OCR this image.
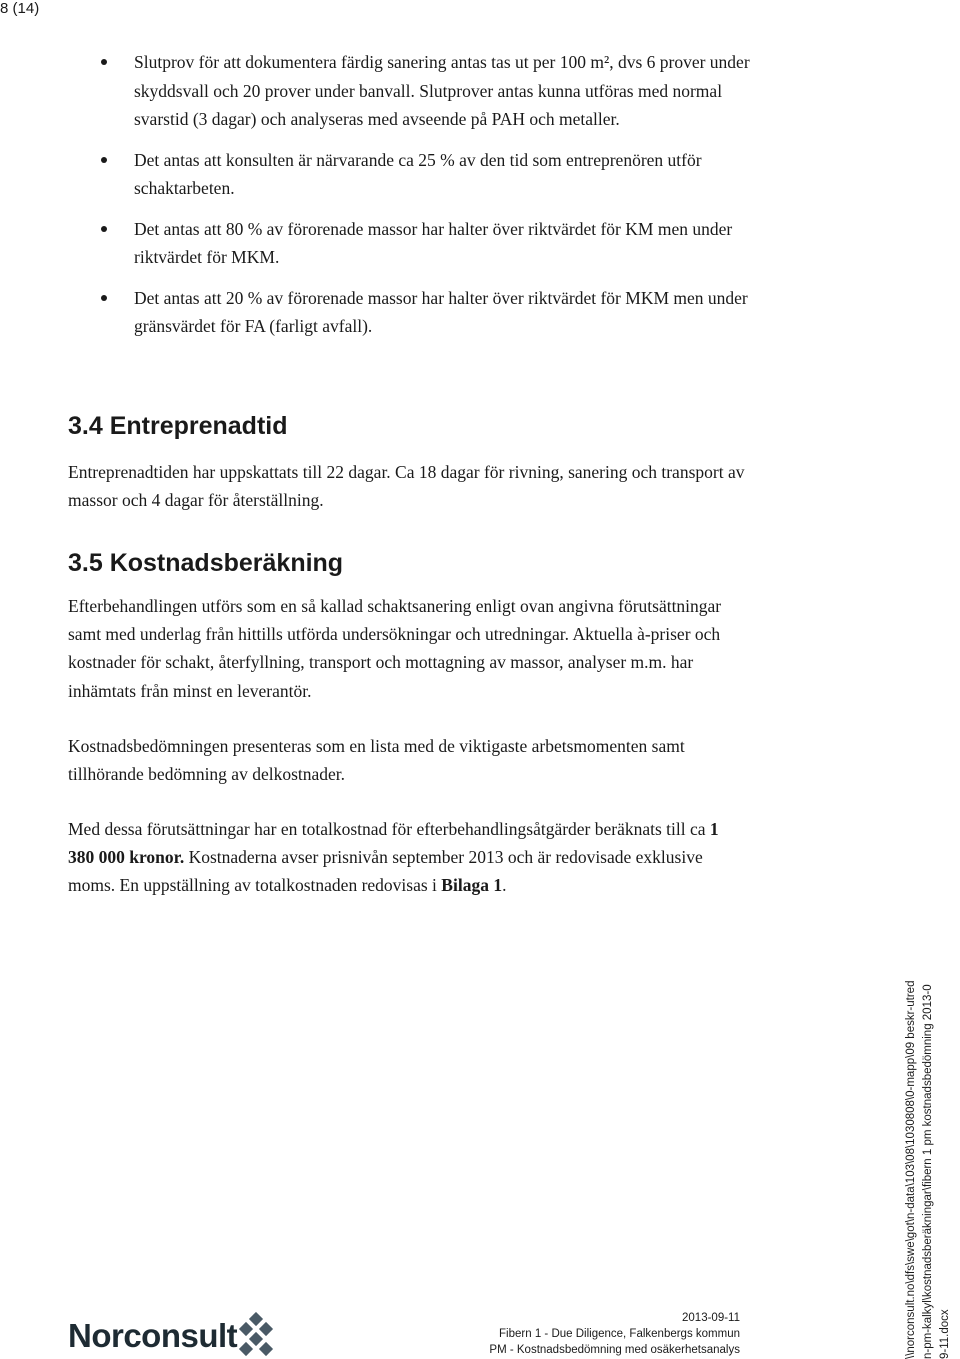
8 (14)
Slutprov för att dokumentera färdig sanering antas tas ut per 100 m², dvs 6 prover under skyddsvall och 20 prover under banvall. Slutprover antas kunna utföras med normal svarstid (3 dagar) och analyseras med avseende på PAH och metaller.
Det antas att konsulten är närvarande ca 25 % av den tid som entreprenören utför schaktarbeten.
Det antas att 80 % av förorenade massor har halter över riktvärdet för KM men under riktvärdet för MKM.
Det antas att 20 % av förorenade massor har halter över riktvärdet för MKM men under gränsvärdet för FA (farligt avfall).
3.4 Entreprenadtid

Entreprenadtiden har uppskattats till 22 dagar. Ca 18 dagar för rivning, sanering och transport av massor och 4 dagar för återställning.

3.5 Kostnadsberäkning

Efterbehandlingen utförs som en så kallad schaktsanering enligt ovan angivna förutsättningar samt med underlag från hittills utförda undersökningar och utredningar. Aktuella à-priser och kostnader för schakt, återfyllning, transport och mottagning av massor, analyser m.m. har inhämtats från minst en leverantör.

Kostnadsbedömningen presenteras som en lista med de viktigaste arbetsmomenten samt tillhörande bedömning av delkostnader.

Med dessa förutsättningar har en totalkostnad för efterbehandlingsåtgärder beräknats till ca 1 380 000 kronor. Kostnaderna avser prisnivån september 2013 och är redovisade exklusive moms. En uppställning av totalkostnaden redovisas i Bilaga 1.

Norconsult	2013-09-11
Fibern 1 - Due Diligence, Falkenbergs kommun
PM - Kostnadsbedömning med osäkerhetsanalys	\\norconsult.no\dfs\swe\got\n-data\103\08\1030808\0-mapp\09 beskr-utredn-pm-kalkyl\kostnadsberäkningar\fibern 1 pm kostnadsbedömning 2013-09-11.docx
